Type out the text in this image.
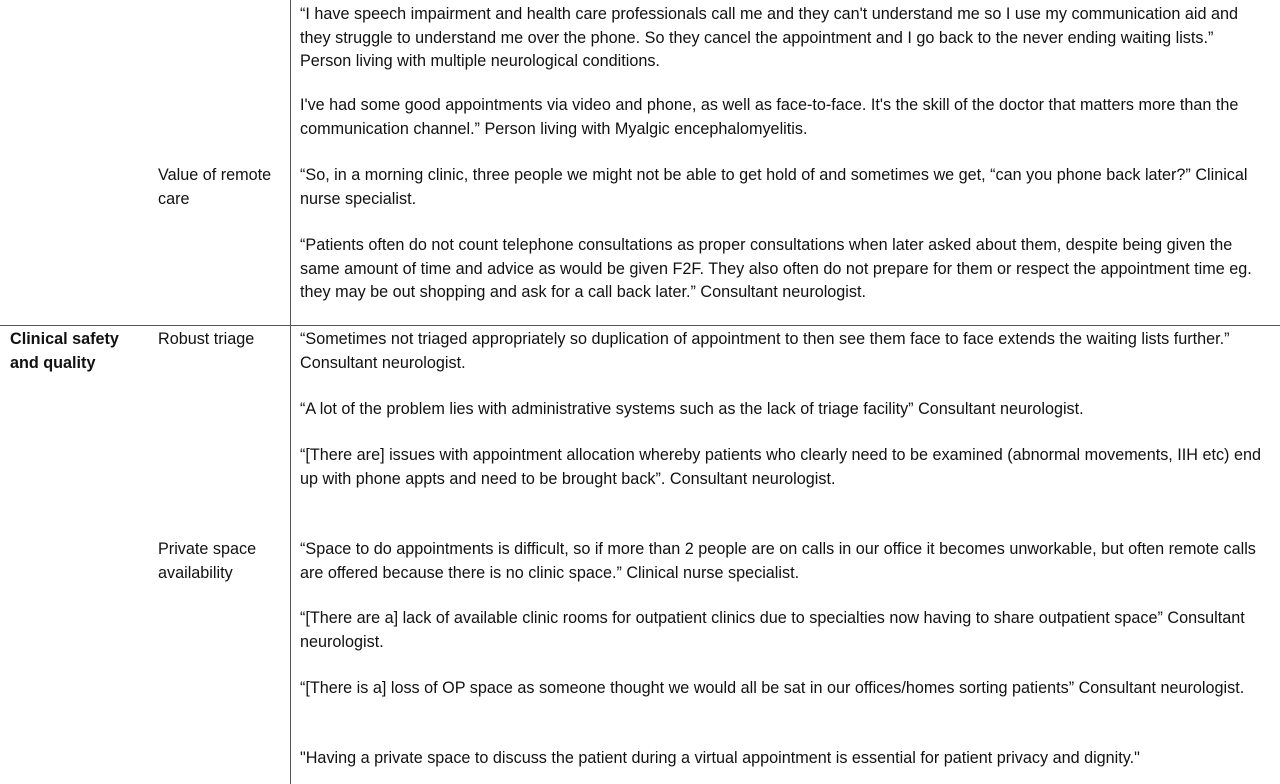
Value of remote care
“I have speech impairment and health care professionals call me and they can't understand me so I use my communication aid and they struggle to understand me over the phone. So they cancel the appointment and I go back to the never ending waiting lists.” Person living with multiple neurological conditions.
I've had some good appointments via video and phone, as well as face-to-face. It's the skill of the doctor that matters more than the communication channel.” Person living with Myalgic encephalomyelitis.
“So, in a morning clinic, three people we might not be able to get hold of and sometimes we get, “can you phone back later?” Clinical nurse specialist.
“Patients often do not count telephone consultations as proper consultations when later asked about them, despite being given the same amount of time and advice as would be given F2F. They also often do not prepare for them or respect the appointment time eg. they may be out shopping and ask for a call back later.” Consultant neurologist.
Clinical safety and quality
Robust triage	“Sometimes not triaged appropriately so duplication of appointment to then see them face to face extends the waiting lists further.” Consultant neurologist.
“A lot of the problem lies with administrative systems such as the lack of triage facility” Consultant neurologist.
“[There are] issues with appointment allocation whereby patients who clearly need to be examined (abnormal movements, IIH etc) end up with phone appts and need to be brought back”. Consultant neurologist.
Private space availability
“Space to do appointments is difficult, so if more than 2 people are on calls in our office it becomes unworkable, but often remote calls are offered because there is no clinic space.” Clinical nurse specialist.
“[There are a] lack of available clinic rooms for outpatient clinics due to specialties now having to share outpatient space” Consultant neurologist.
“[There is a] loss of OP space as someone thought we would all be sat in our offices/homes sorting patients” Consultant neurologist.
"Having a private space to discuss the patient during a virtual appointment is essential for patient privacy and dignity."
